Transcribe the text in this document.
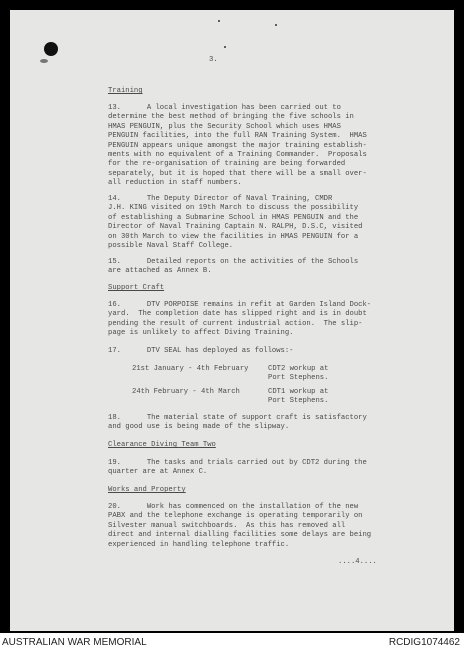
3.
Training
13.      A local investigation has been carried out to
determine the best method of bringing the five schools in
HMAS PENGUIN, plus the Security School which uses HMAS
PENGUIN facilities, into the full RAN Training System.  HMAS
PENGUIN appears unique amongst the major training establish-
ments with no equivalent of a Training Commander.  Proposals
for the re-organisation of training are being forwarded
separately, but it is hoped that there will be a small over-
all reduction in staff numbers.
14.      The Deputy Director of Naval Training, CMDR
J.H. KING visited on 19th March to discuss the possibility
of establishing a Submarine School in HMAS PENGUIN and the
Director of Naval Training Captain N. RALPH, D.S.C, visited
on 30th March to view the facilities in HMAS PENGUIN for a
possible Naval Staff College.
15.      Detailed reports on the activities of the Schools
are attached as Annex B.
Support Craft
16.      DTV PORPOISE remains in refit at Garden Island Dock-
yard.  The completion date has slipped right and is in doubt
pending the result of current industrial action.  The slip-
page is unlikely to affect Diving Training.
17.      DTV SEAL has deployed as follows:-
21st January - 4th February	CDT2 workup at
Port Stephens.
24th February - 4th March	CDT1 workup at
Port Stephens.
18.      The material state of support craft is satisfactory
and good use is being made of the slipway.
Clearance Diving Team Two
19.      The tasks and trials carried out by CDT2 during the
quarter are at Annex C.
Works and Property
20.      Work has commenced on the installation of the new
PABX and the telephone exchange is operating temporarily on
Silvester manual switchboards.  As this has removed all
direct and internal dialling facilities some delays are being
experienced in handling telephone traffic.
....4....
AUSTRALIAN WAR MEMORIAL	RCDIG1074462
